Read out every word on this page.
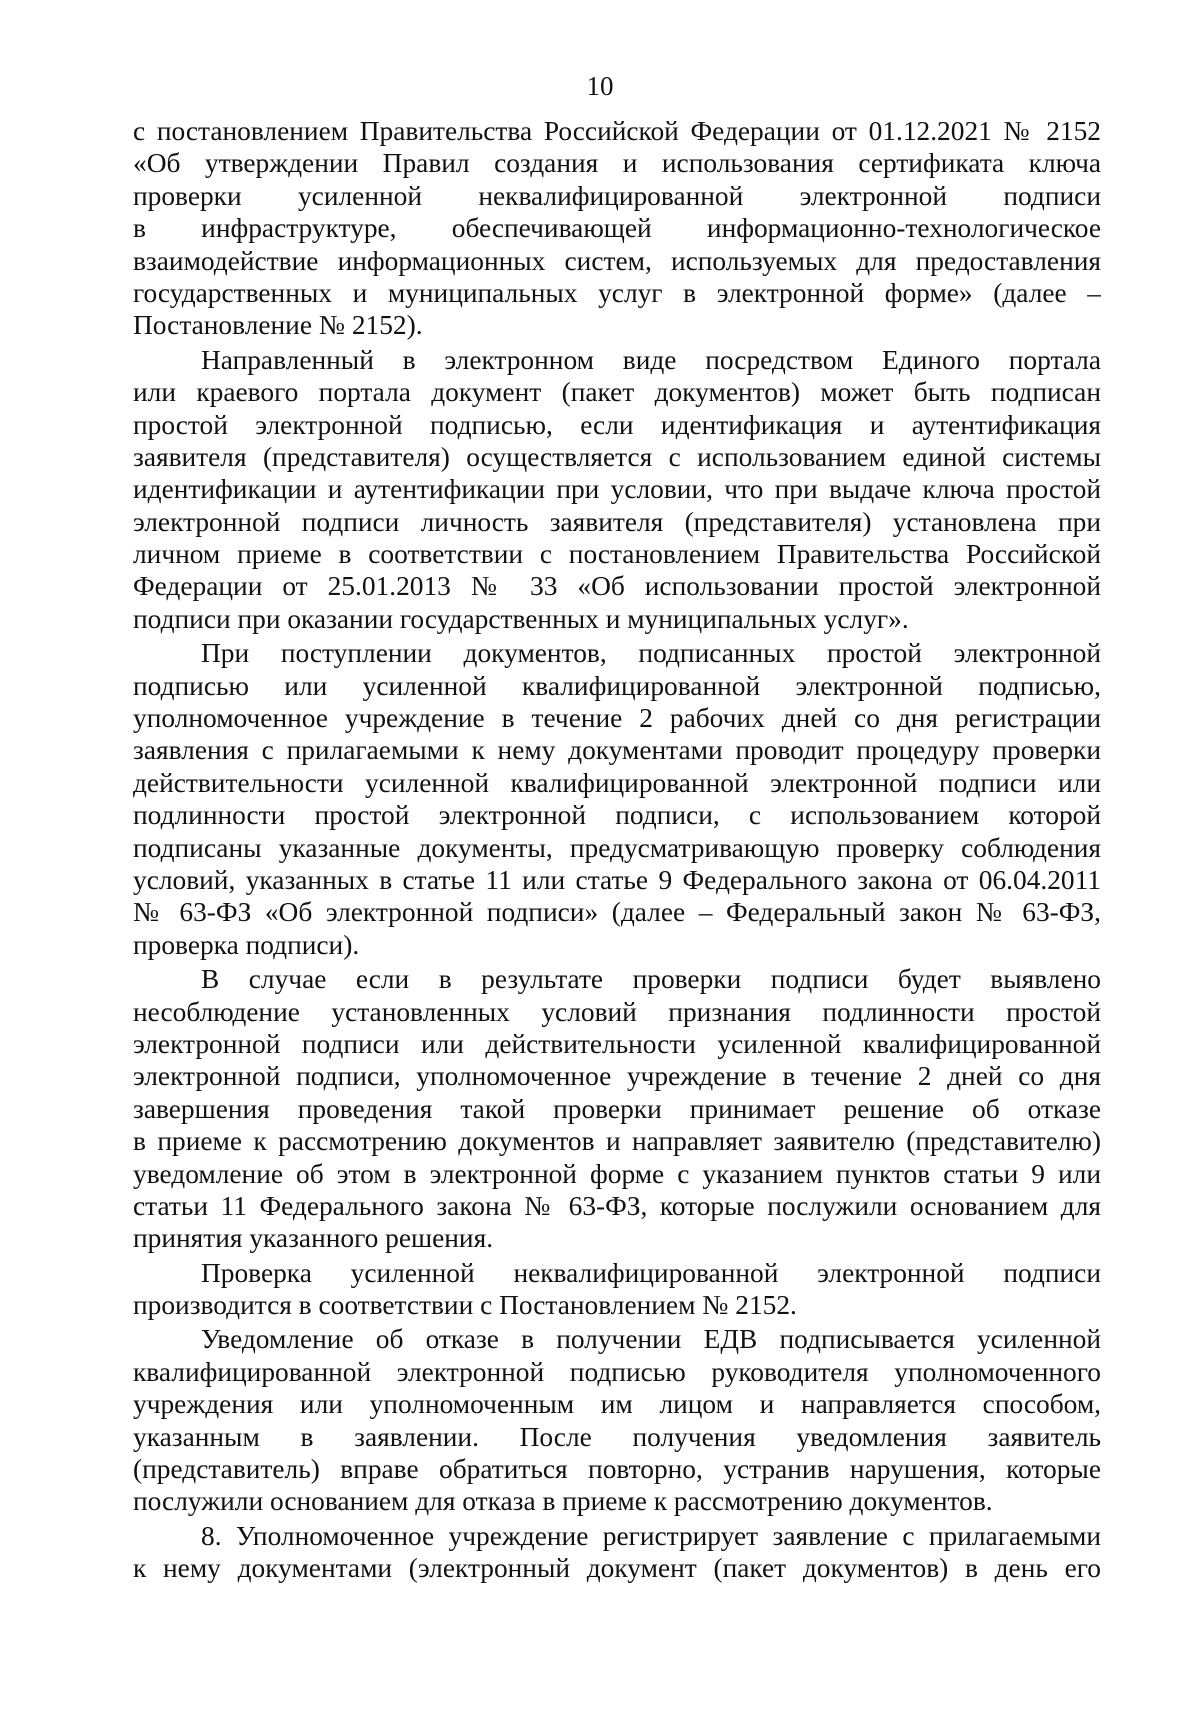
10
с постановлением Правительства Российской Федерации от 01.12.2021 № 2152
«Об утверждении Правил создания и использования сертификата ключа
проверки усиленной неквалифицированной электронной подписи
в инфраструктуре, обеспечивающей информационно-технологическое
взаимодействие информационных систем, используемых для предоставления
государственных и муниципальных услуг в электронной форме» (далее –
Постановление № 2152).
Направленный в электронном виде посредством Единого портала
или краевого портала документ (пакет документов) может быть подписан
простой электронной подписью, если идентификация и аутентификация
заявителя (представителя) осуществляется с использованием единой системы
идентификации и аутентификации при условии, что при выдаче ключа простой
электронной подписи личность заявителя (представителя) установлена при
личном приеме в соответствии с постановлением Правительства Российской
Федерации от 25.01.2013 № 33 «Об использовании простой электронной
подписи при оказании государственных и муниципальных услуг».
При поступлении документов, подписанных простой электронной
подписью или усиленной квалифицированной электронной подписью,
уполномоченное учреждение в течение 2 рабочих дней со дня регистрации
заявления с прилагаемыми к нему документами проводит процедуру проверки
действительности усиленной квалифицированной электронной подписи или
подлинности простой электронной подписи, с использованием которой
подписаны указанные документы, предусматривающую проверку соблюдения
условий, указанных в статье 11 или статье 9 Федерального закона от 06.04.2011
№ 63-ФЗ «Об электронной подписи» (далее – Федеральный закон № 63-ФЗ,
проверка подписи).
В случае если в результате проверки подписи будет выявлено
несоблюдение установленных условий признания подлинности простой
электронной подписи или действительности усиленной квалифицированной
электронной подписи, уполномоченное учреждение в течение 2 дней со дня
завершения проведения такой проверки принимает решение об отказе
в приеме к рассмотрению документов и направляет заявителю (представителю)
уведомление об этом в электронной форме с указанием пунктов статьи 9 или
статьи 11 Федерального закона № 63-ФЗ, которые послужили основанием для
принятия указанного решения.
Проверка усиленной неквалифицированной электронной подписи
производится в соответствии с Постановлением № 2152.
Уведомление об отказе в получении ЕДВ подписывается усиленной
квалифицированной электронной подписью руководителя уполномоченного
учреждения или уполномоченным им лицом и направляется способом,
указанным в заявлении. После получения уведомления заявитель
(представитель) вправе обратиться повторно, устранив нарушения, которые
послужили основанием для отказа в приеме к рассмотрению документов.
8. Уполномоченное учреждение регистрирует заявление с прилагаемыми
к нему документами (электронный документ (пакет документов) в день его
